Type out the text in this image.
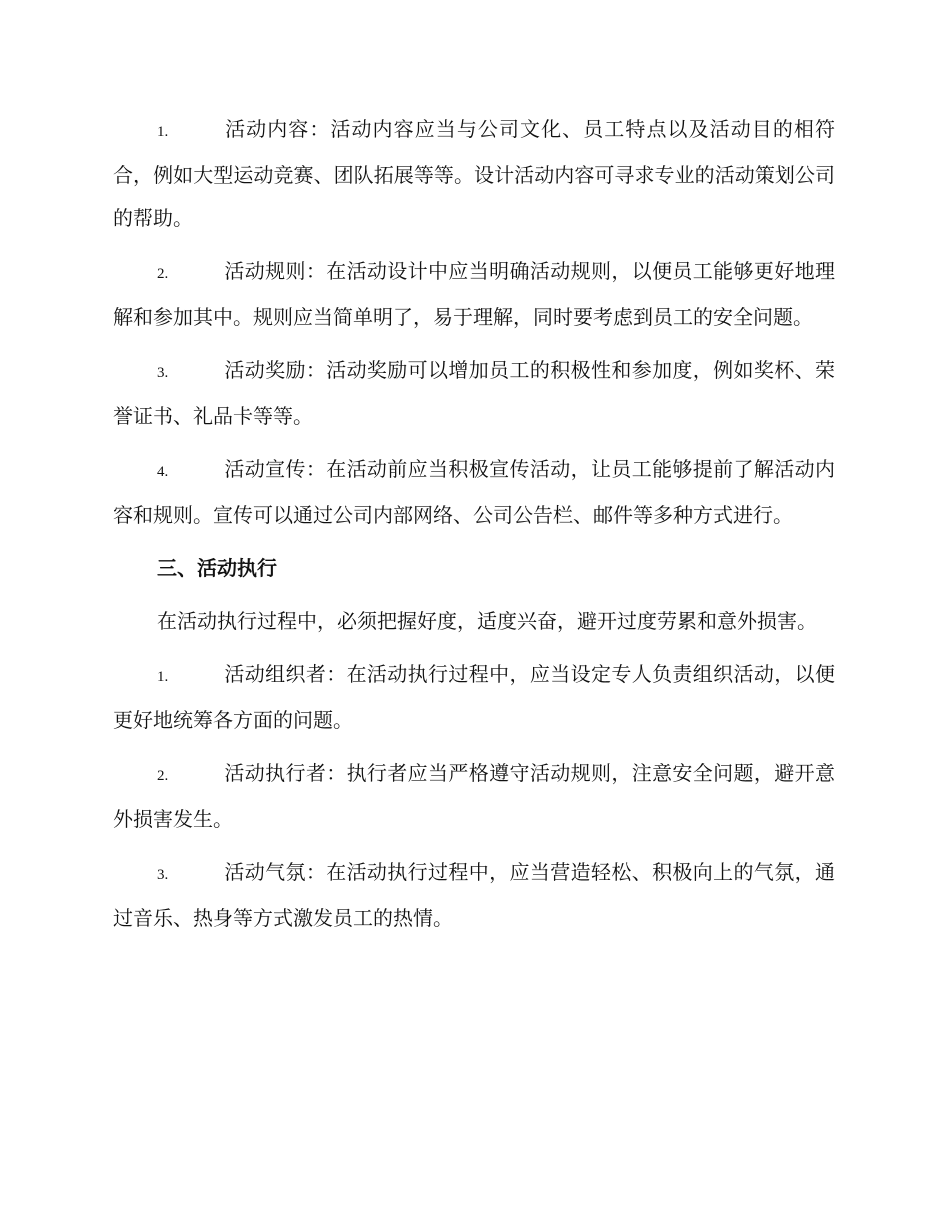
1.	活动内容：活动内容应当与公司文化、员工特点以及活动目的相符合，例如大型运动竞赛、团队拓展等等。设计活动内容可寻求专业的活动策划公司的帮助。

2.	活动规则：在活动设计中应当明确活动规则，以便员工能够更好地理解和参加其中。规则应当简单明了，易于理解，同时要考虑到员工的安全问题。

3.	活动奖励：活动奖励可以增加员工的积极性和参加度，例如奖杯、荣誉证书、礼品卡等等。

4.	活动宣传：在活动前应当积极宣传活动，让员工能够提前了解活动内容和规则。宣传可以通过公司内部网络、公司公告栏、邮件等多种方式进行。

三、活动执行

在活动执行过程中，必须把握好度，适度兴奋，避开过度劳累和意外损害。

1.	活动组织者：在活动执行过程中，应当设定专人负责组织活动，以便更好地统筹各方面的问题。

2.	活动执行者：执行者应当严格遵守活动规则，注意安全问题，避开意外损害发生。

3.	活动气氛：在活动执行过程中，应当营造轻松、积极向上的气氛，通过音乐、热身等方式激发员工的热情。
